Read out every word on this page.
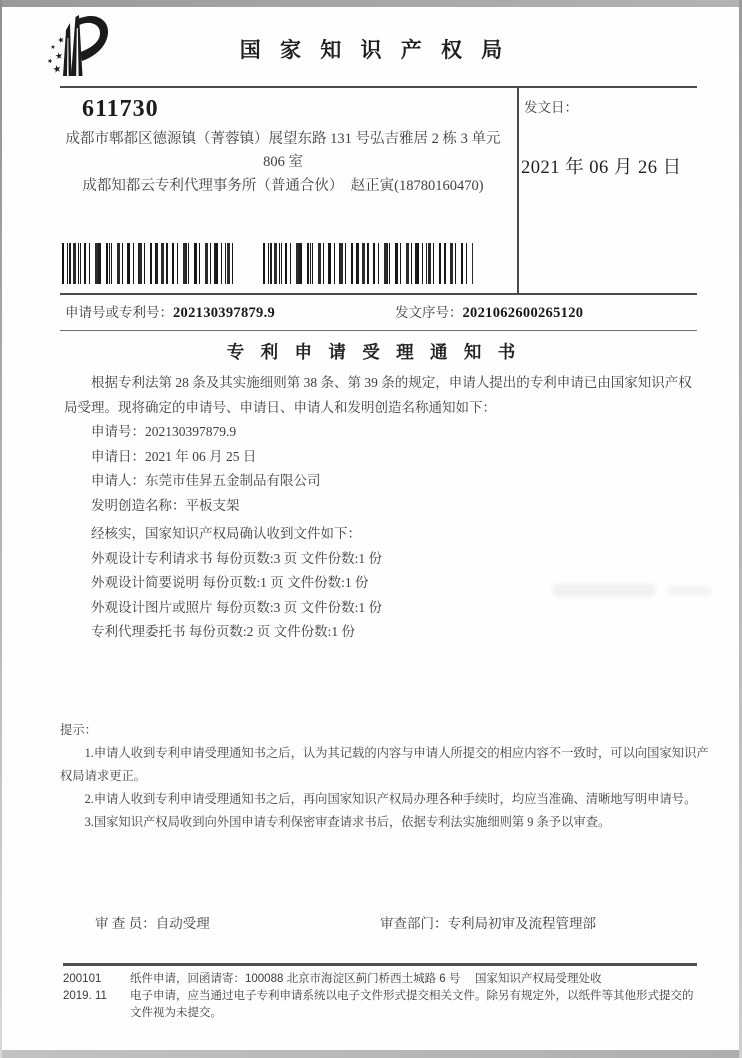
国 家 知 识 产 权 局
611730
成都市郫都区德源镇（菁蓉镇）展望东路 131 号弘吉雅居 2 栋 3 单元
806 室
成都知都云专利代理事务所（普通合伙）　赵正寅(18780160470)
发文日：
2021 年 06 月 26 日
申请号或专利号：202130397879.9	发文序号：2021062600265120
专 利 申 请 受 理 通 知 书

根据专利法第 28 条及其实施细则第 38 条、第 39 条的规定，申请人提出的专利申请已由国家知识产权局受理。现将确定的申请号、申请日、申请人和发明创造名称通知如下：

申请号：202130397879.9

申请日：2021 年 06 月 25 日

申请人：东莞市佳昇五金制品有限公司

发明创造名称：平板支架

经核实，国家知识产权局确认收到文件如下：

外观设计专利请求书 每份页数:3 页 文件份数:1 份

外观设计简要说明 每份页数:1 页 文件份数:1 份

外观设计图片或照片 每份页数:3 页 文件份数:1 份

专利代理委托书 每份页数:2 页 文件份数:1 份

提示：

1.申请人收到专利申请受理通知书之后，认为其记载的内容与申请人所提交的相应内容不一致时，可以向国家知识产权局请求更正。

2.申请人收到专利申请受理通知书之后，再向国家知识产权局办理各种手续时，均应当准确、清晰地写明申请号。

3.国家知识产权局收到向外国申请专利保密审查请求书后，依据专利法实施细则第 9 条予以审查。

审 查 员：自动受理	审查部门：专利局初审及流程管理部
200101
2019. 11

纸件申请，回函请寄：100088 北京市海淀区蓟门桥西土城路 6 号　 国家知识产权局受理处收

电子申请，应当通过电子专利申请系统以电子文件形式提交相关文件。除另有规定外，以纸件等其他形式提交的文件视为未提交。
